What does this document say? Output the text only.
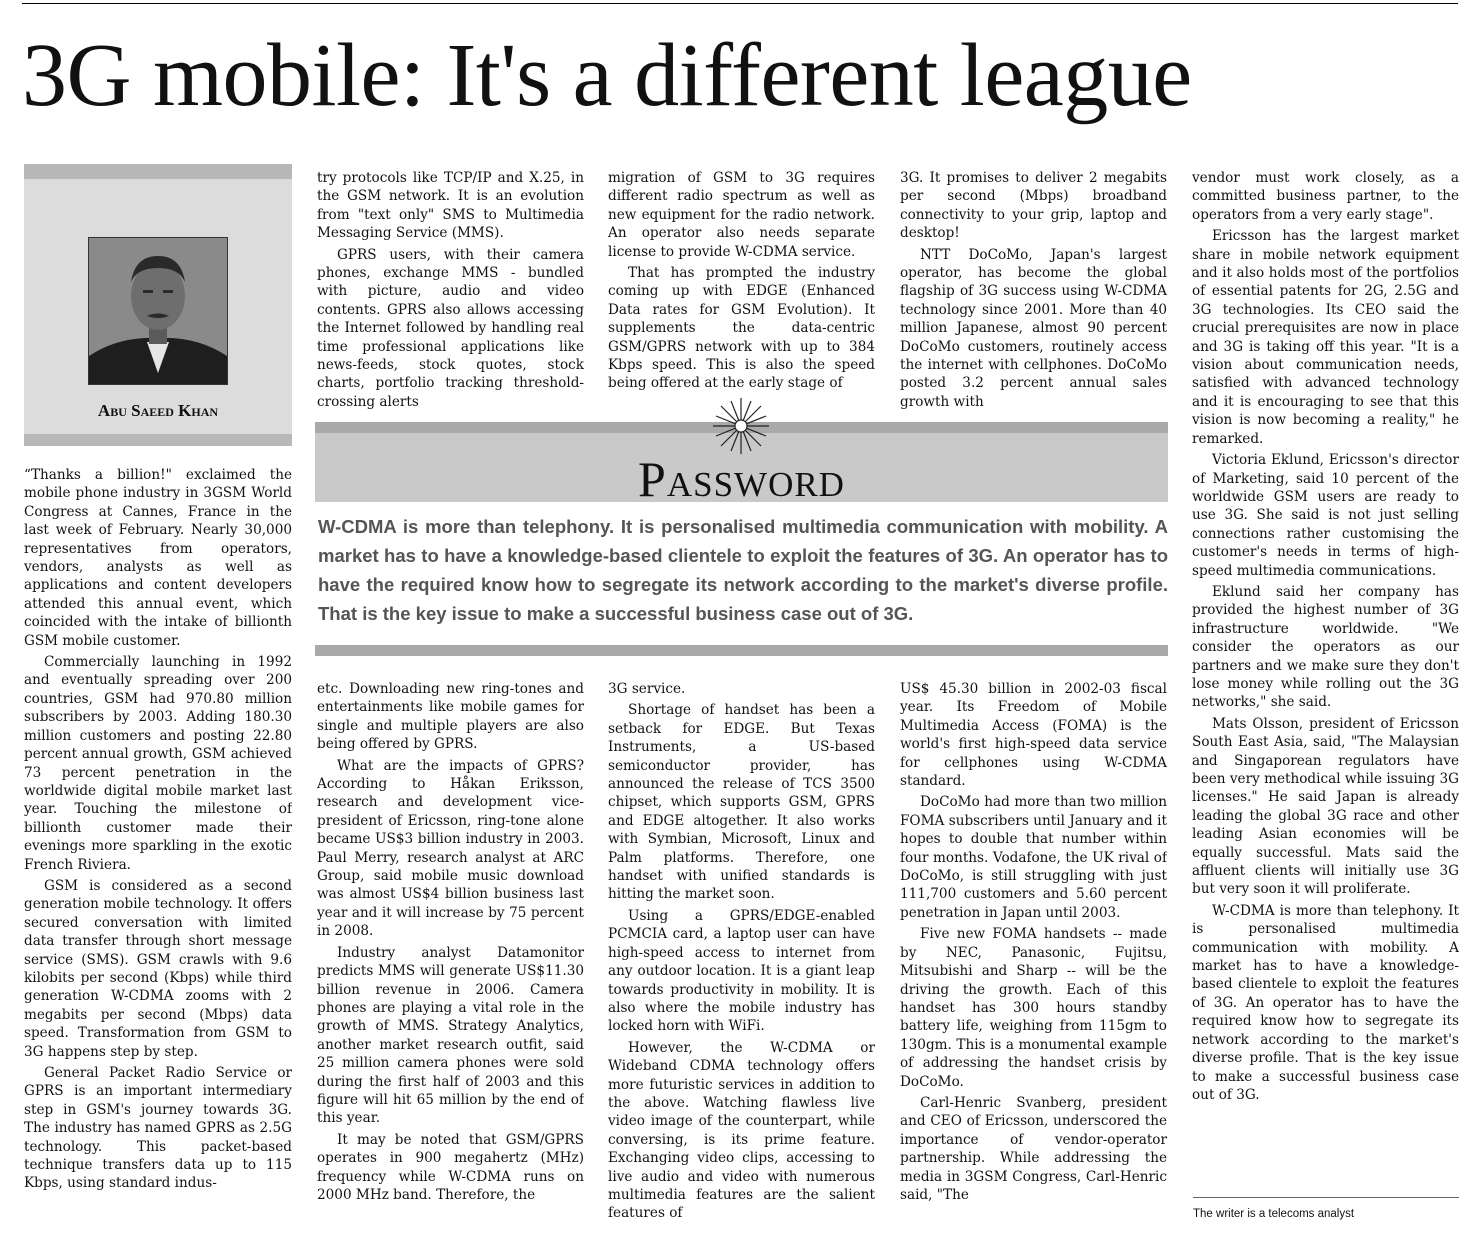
3G mobile: It's a different league
Abu Saeed Khan

“Thanks a billion!" exclaimed the mobile phone industry in 3GSM World Congress at Cannes, France in the last week of February. Nearly 30,000 representatives from operators, vendors, analysts as well as applications and content developers attended this annual event, which coincided with the intake of billionth GSM mobile customer.

Commercially launching in 1992 and eventually spreading over 200 countries, GSM had 970.80 million subscribers by 2003. Adding 180.30 million customers and posting 22.80 percent annual growth, GSM achieved 73 percent penetration in the worldwide digital mobile market last year. Touching the milestone of billionth customer made their evenings more sparkling in the exotic French Riviera.

GSM is considered as a second generation mobile technology. It offers secured conversation with limited data transfer through short message service (SMS). GSM crawls with 9.6 kilobits per second (Kbps) while third generation W-CDMA zooms with 2 megabits per second (Mbps) data speed. Transformation from GSM to 3G happens step by step.

General Packet Radio Service or GPRS is an important intermediary step in GSM's journey towards 3G. The industry has named GPRS as 2.5G technology. This packet-based technique transfers data up to 115 Kbps, using standard indus-

try protocols like TCP/IP and X.25, in the GSM network. It is an evolution from "text only" SMS to Multimedia Messaging Service (MMS).

GPRS users, with their camera phones, exchange MMS - bundled with picture, audio and video contents. GPRS also allows accessing the Internet followed by handling real time professional applications like news-feeds, stock quotes, stock charts, portfolio tracking threshold-crossing alerts

migration of GSM to 3G requires different radio spectrum as well as new equipment for the radio network. An operator also needs separate license to provide W-CDMA service.

That has prompted the industry coming up with EDGE (Enhanced Data rates for GSM Evolution). It supplements the data-centric GSM/GPRS network with up to 384 Kbps speed. This is also the speed being offered at the early stage of

3G. It promises to deliver 2 megabits per second (Mbps) broadband connectivity to your grip, laptop and desktop!

NTT DoCoMo, Japan's largest operator, has become the global flagship of 3G success using W-CDMA technology since 2001. More than 40 million Japanese, almost 90 percent DoCoMo customers, routinely access the internet with cellphones. DoCoMo posted 3.2 percent annual sales growth with

Password
W-CDMA is more than telephony. It is personalised multimedia communication with mobility. A market has to have a knowledge-based clientele to exploit the features of 3G. An operator has to have the required know how to segregate its network according to the market's diverse profile. That is the key issue to make a successful business case out of 3G.

etc. Downloading new ring-tones and entertainments like mobile games for single and multiple players are also being offered by GPRS.

What are the impacts of GPRS? According to Håkan Eriksson, research and development vice-president of Ericsson, ring-tone alone became US$3 billion industry in 2003. Paul Merry, research analyst at ARC Group, said mobile music download was almost US$4 billion business last year and it will increase by 75 percent in 2008.

Industry analyst Datamonitor predicts MMS will generate US$11.30 billion revenue in 2006. Camera phones are playing a vital role in the growth of MMS. Strategy Analytics, another market research outfit, said 25 million camera phones were sold during the first half of 2003 and this figure will hit 65 million by the end of this year.

It may be noted that GSM/GPRS operates in 900 megahertz (MHz) frequency while W-CDMA runs on 2000 MHz band. Therefore, the

3G service.

Shortage of handset has been a setback for EDGE. But Texas Instruments, a US-based semiconductor provider, has announced the release of TCS 3500 chipset, which supports GSM, GPRS and EDGE altogether. It also works with Symbian, Microsoft, Linux and Palm platforms. Therefore, one handset with unified standards is hitting the market soon.

Using a GPRS/EDGE-enabled PCMCIA card, a laptop user can have high-speed access to internet from any outdoor location. It is a giant leap towards productivity in mobility. It is also where the mobile industry has locked horn with WiFi.

However, the W-CDMA or Wideband CDMA technology offers more futuristic services in addition to the above. Watching flawless live video image of the counterpart, while conversing, is its prime feature. Exchanging video clips, accessing to live audio and video with numerous multimedia features are the salient features of

US$ 45.30 billion in 2002-03 fiscal year. Its Freedom of Mobile Multimedia Access (FOMA) is the world's first high-speed data service for cellphones using W-CDMA standard.

DoCoMo had more than two million FOMA subscribers until January and it hopes to double that number within four months. Vodafone, the UK rival of DoCoMo, is still struggling with just 111,700 customers and 5.60 percent penetration in Japan until 2003.

Five new FOMA handsets -- made by NEC, Panasonic, Fujitsu, Mitsubishi and Sharp -- will be the driving the growth. Each of this handset has 300 hours standby battery life, weighing from 115gm to 130gm. This is a monumental example of addressing the handset crisis by DoCoMo.

Carl-Henric Svanberg, president and CEO of Ericsson, underscored the importance of vendor-operator partnership. While addressing the media in 3GSM Congress, Carl-Henric said, "The

vendor must work closely, as a committed business partner, to the operators from a very early stage".

Ericsson has the largest market share in mobile network equipment and it also holds most of the portfolios of essential patents for 2G, 2.5G and 3G technologies. Its CEO said the crucial prerequisites are now in place and 3G is taking off this year. "It is a vision about communication needs, satisfied with advanced technology and it is encouraging to see that this vision is now becoming a reality," he remarked.

Victoria Eklund, Ericsson's director of Marketing, said 10 percent of the worldwide GSM users are ready to use 3G. She said is not just selling connections rather customising the customer's needs in terms of high-speed multimedia communications.

Eklund said her company has provided the highest number of 3G infrastructure worldwide. "We consider the operators as our partners and we make sure they don't lose money while rolling out the 3G networks," she said.

Mats Olsson, president of Ericsson South East Asia, said, "The Malaysian and Singaporean regulators have been very methodical while issuing 3G licenses." He said Japan is already leading the global 3G race and other leading Asian economies will be equally successful. Mats said the affluent clients will initially use 3G but very soon it will proliferate.

W-CDMA is more than telephony. It is personalised multimedia communication with mobility. A market has to have a knowledge-based clientele to exploit the features of 3G. An operator has to have the required know how to segregate its network according to the market's diverse profile. That is the key issue to make a successful business case out of 3G.

The writer is a telecoms analyst
